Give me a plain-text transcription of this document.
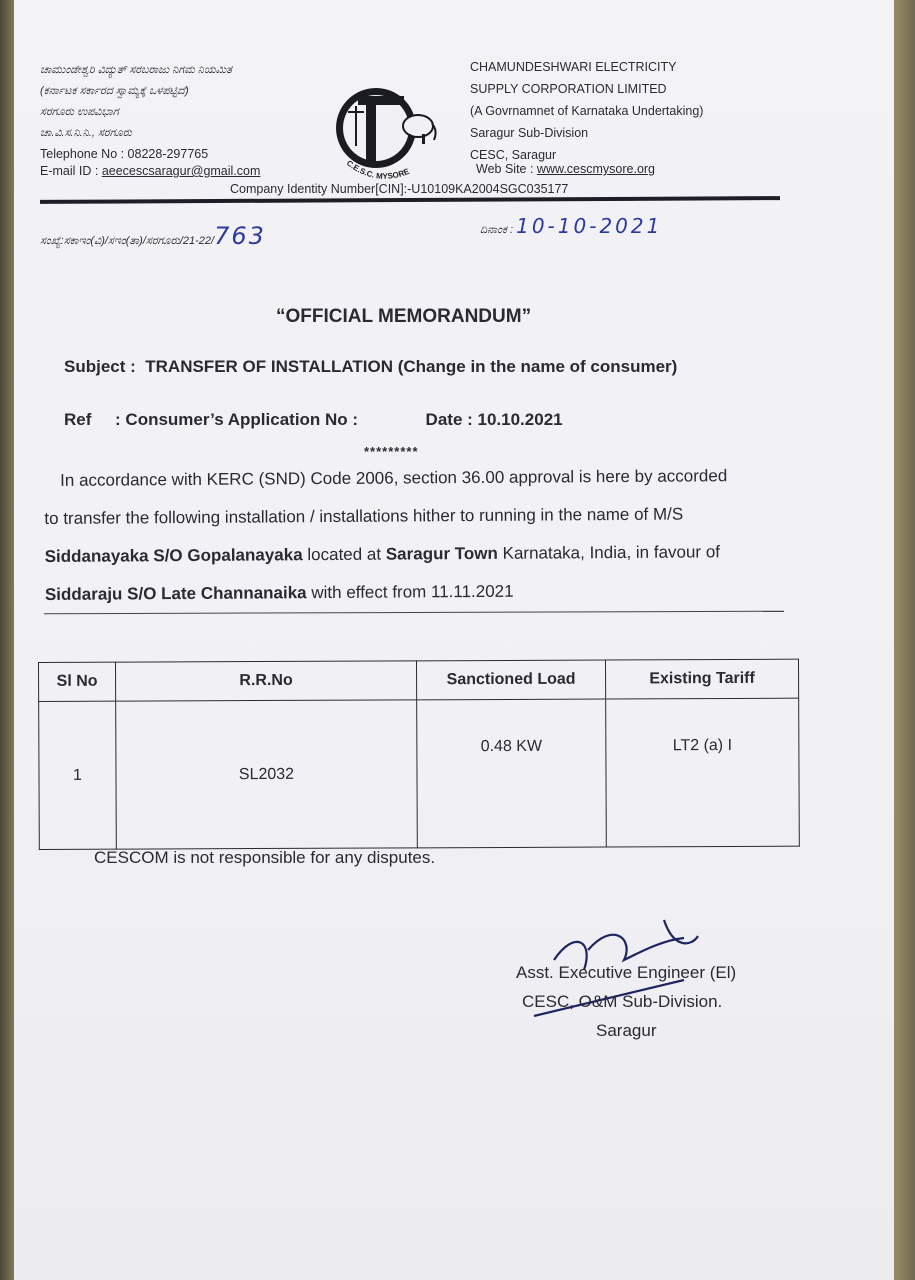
ಚಾಮುಂಡೇಶ್ವರಿ ವಿದ್ಯುತ್ ಸರಬರಾಜು ನಿಗಮ ನಿಯಮಿತ
(ಕರ್ನಾಟಕ ಸರ್ಕಾರದ ಸ್ವಾಮ್ಯಕ್ಕೆ ಒಳಪಟ್ಟಿದೆ)
ಸರಗೂರು ಉಪವಿಭಾಗ
ಚಾ.ವಿ.ಸ.ನಿ.ನಿ., ಸರಗೂರು
Telephone No : 08228-297765
E-mail ID : aeecescsaragur@gmail.com
C.E.S.C. MYSORE
CHAMUNDESHWARI ELECTRICITY
SUPPLY CORPORATION LIMITED
(A Govrnamnet of Karnataka Undertaking)
Saragur Sub-Division
CESC, Saragur
Web Site : www.cescmysore.org
Company Identity Number[CIN]:-U10109KA2004SGC035177
ಸಂಖ್ಯೆ:ಸಕಾಇಂ(ವಿ)/ಸಇಂ(ತಾ)/ಸರಗೂರು/21-22/763	ದಿನಾಂಕ : 10-10-2021
“OFFICIAL MEMORANDUM”
Subject : TRANSFER OF INSTALLATION (Change in the name of consumer)
Ref : Consumer’s Application No :	Date : 10.10.2021
*********
In accordance with KERC (SND) Code 2006, section 36.00 approval is here by accorded
to transfer the following installation / installations hither to running in the name of M/S
Siddanayaka S/O Gopalanayaka located at Saragur Town Karnataka, India, in favour of
Siddaraju S/O Late Channanaika with effect from 11.11.2021
Sl No	R.R.No	Sanctioned Load	Existing Tariff
1	SL2032	0.48 KW	LT2 (a) I
CESCOM is not responsible for any disputes.
Asst. Executive Engineer (El)
CESC, O&M Sub-Division.
Saragur
